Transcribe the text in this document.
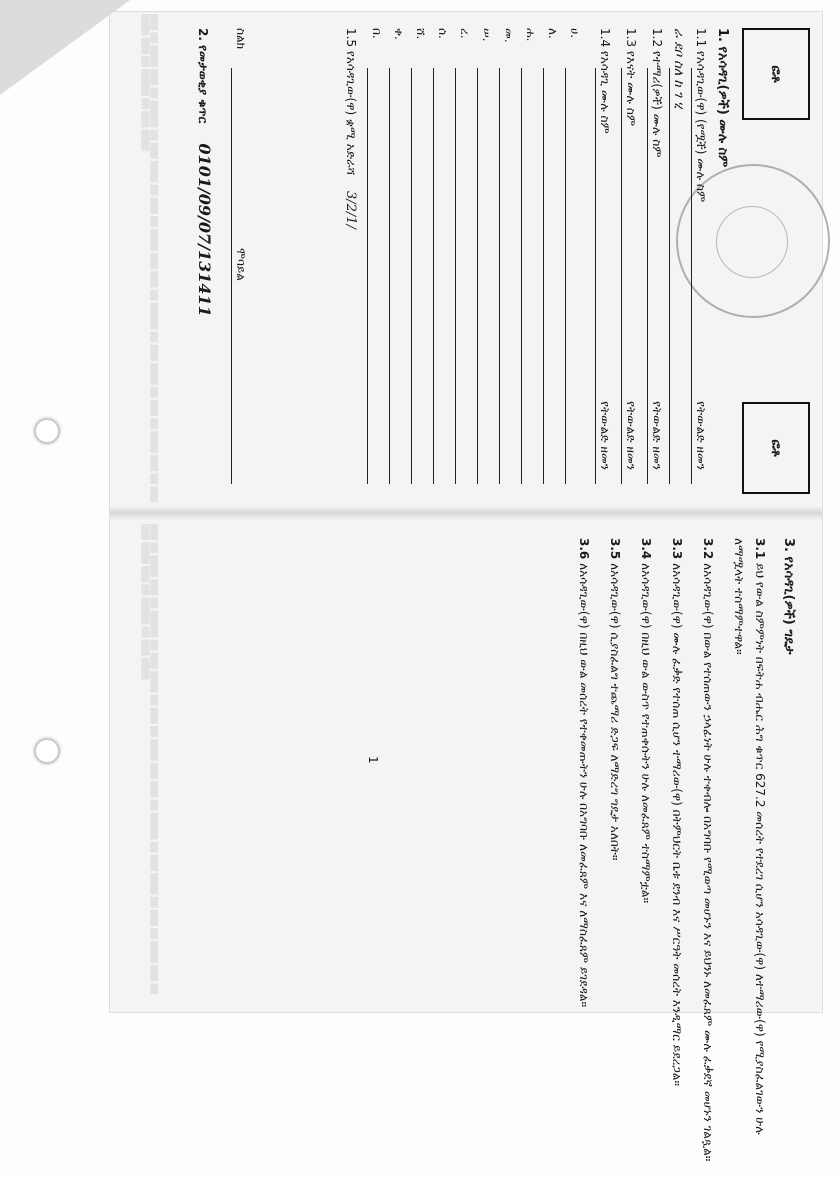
▒▒▒ ▒▒ ▒▒▒▒ ▒▒▒ ▒▒ ▒▒▒▒▒ ▒▒ ▒▒▒ ▒▒▒▒ ▒▒ ▒▒▒ ▒▒ ▒▒▒▒ ▒▒▒ ▒▒▒ ▒▒ ▒▒▒▒▒ ▒▒ ▒▒▒ ▒▒▒▒ ▒▒ ▒▒▒ ▒▒ ▒▒▒▒ ▒▒▒ ▒▒ ▒▒▒ ▒▒▒▒ ▒▒▒ ▒▒ ▒▒▒▒▒ ▒▒ ▒▒▒ ▒▒▒▒	ፎቶ
ፎቶ
1. የአሳዳጊ(ዎች) ሙሉ ስም
1.1 የአሳዳጊው(ዋ) (የሟች) ሙሉ ስም
የትውልድ ዘመን
ራ ደቦ ስለ ከ ገ ሂ
1.2 የተማሪ(ዎች) ሙሉ ስም
የትውልድ ዘመን
1.3 የእናት ሙሉ ስም
የትውልድ ዘመን
1.4 የአሳዳጊ ሙሉ ስም
የትውልድ ዘመን
ሀ.
ለ.
ሐ.
መ.
ሠ.
ረ.
ሰ.
ሸ.
ቀ.
በ.
1.5 የአሳዳጊው(ዋ) ቋሚ አድራሻ 3/2/1/
▒▒▒ ▒▒ ▒▒▒▒ ▒▒▒ ▒▒ ▒▒▒▒▒ ▒▒ ▒▒▒ ▒▒▒▒ ▒▒ ▒▒▒ ▒▒ ▒▒▒▒ ▒▒▒ ▒▒▒ ▒▒ ▒▒▒▒▒ ▒▒ ▒▒▒ ▒▒▒▒ ▒▒ ▒▒▒ ▒▒ ▒▒▒▒ ▒▒▒ ▒▒ ▒▒▒ ▒▒▒▒ ▒▒▒ ▒▒ ▒▒▒▒▒ ▒▒ ▒▒▒ ▒▒▒▒	3. የአሳዳጊ(ዎች) ግዴታ

3.1 ይህ የውል ስምምነት በፍትሐ ብሔር ሕግ ቁጥር 627.2 መሰረት የተደረገ ሲሆን አሳዳጊው(ዋ) ለተማሪው(ዋ) የሚያስፈልገውን ሁሉ ለማሟላት ተስማምተዋል።

3.2 ለአሳዳጊው(ዋ) በውል የተሰጠውን ኃላፊነት ሁሉ ተቀብሎ በአግባቡ የሚወጣ መሆኑን እና ይህንኑ ለመፈጸም ሙሉ ፈቃደኛ መሆኑን ገልጿል።

3.3 ለአሳዳጊው(ዋ) ሙሉ ፈቃድ የተሰጠ ሲሆን ተማሪው(ዋ) በትምህርት ቤቱ ደንብ እና ሥርዓት መሰረት እንዲማር ይደረጋል።

3.4 ለአሳዳጊው(ዋ) በዚህ ውል ውስጥ የተጠቀሱትን ሁሉ ለመፈጸም ተስማምቷል።

3.5 ለአሳዳጊው(ዋ) ሲያስፈልግ ተጨማሪ ድጋፍ ለማድረግ ግዴታ አለበት።

3.6 ለአሳዳጊው(ዋ) በዚህ ውል መሰረት የተቀመጡትን ሁሉ በአግባቡ ለመፈጸም እና ለማስፈጸም ይገደዳል።

1
ስልክ
ሞባይል
2. የመታወቂያ ቁጥር 0101/09/07/131411
